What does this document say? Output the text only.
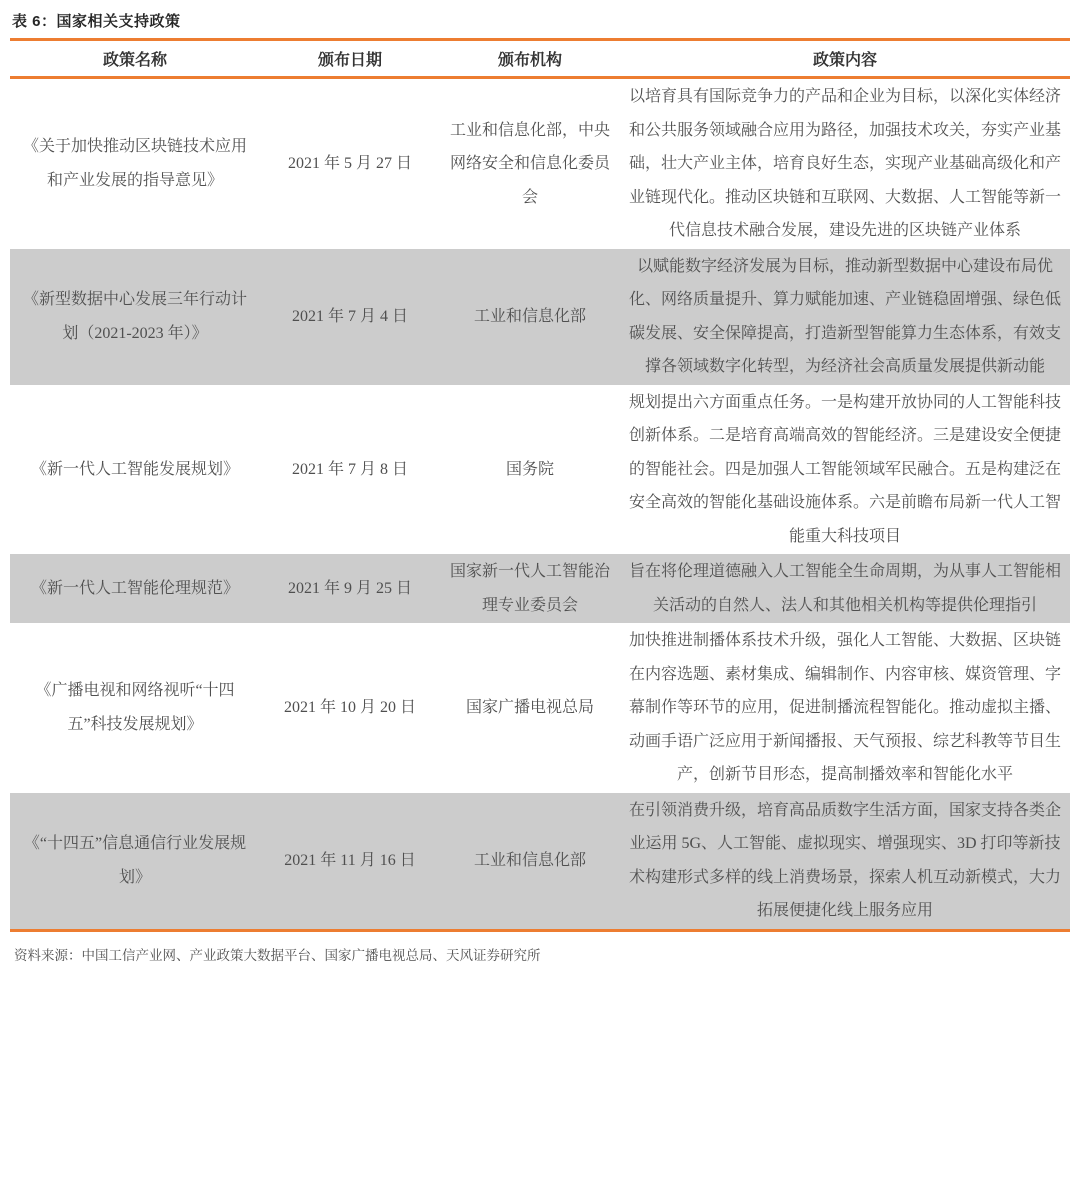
表 6：国家相关支持政策
政策名称	颁布日期	颁布机构	政策内容
《关于加快推动区块链技术应用和产业发展的指导意见》	2021 年 5 月 27 日	工业和信息化部，中央网络安全和信息化委员会	以培育具有国际竞争力的产品和企业为目标，以深化实体经济和公共服务领域融合应用为路径，加强技术攻关，夯实产业基础，壮大产业主体，培育良好生态，实现产业基础高级化和产业链现代化。推动区块链和互联网、大数据、人工智能等新一代信息技术融合发展，建设先进的区块链产业体系
《新型数据中心发展三年行动计划（2021-2023 年）》	2021 年 7 月 4 日	工业和信息化部	以赋能数字经济发展为目标，推动新型数据中心建设布局优化、网络质量提升、算力赋能加速、产业链稳固增强、绿色低碳发展、安全保障提高，打造新型智能算力生态体系，有效支撑各领域数字化转型，为经济社会高质量发展提供新动能
《新一代人工智能发展规划》	2021 年 7 月 8 日	国务院	规划提出六方面重点任务。一是构建开放协同的人工智能科技创新体系。二是培育高端高效的智能经济。三是建设安全便捷的智能社会。四是加强人工智能领域军民融合。五是构建泛在安全高效的智能化基础设施体系。六是前瞻布局新一代人工智能重大科技项目
《新一代人工智能伦理规范》	2021 年 9 月 25 日	国家新一代人工智能治理专业委员会	旨在将伦理道德融入人工智能全生命周期，为从事人工智能相关活动的自然人、法人和其他相关机构等提供伦理指引
《广播电视和网络视听“十四五”科技发展规划》	2021 年 10 月 20 日	国家广播电视总局	加快推进制播体系技术升级，强化人工智能、大数据、区块链在内容选题、素材集成、编辑制作、内容审核、媒资管理、字幕制作等环节的应用，促进制播流程智能化。推动虚拟主播、动画手语广泛应用于新闻播报、天气预报、综艺科教等节目生产，创新节目形态，提高制播效率和智能化水平
《“十四五”信息通信行业发展规划》	2021 年 11 月 16 日	工业和信息化部	在引领消费升级，培育高品质数字生活方面，国家支持各类企业运用 5G、人工智能、虚拟现实、增强现实、3D 打印等新技术构建形式多样的线上消费场景，探索人机互动新模式，大力拓展便捷化线上服务应用
资料来源：中国工信产业网、产业政策大数据平台、国家广播电视总局、天风证券研究所
